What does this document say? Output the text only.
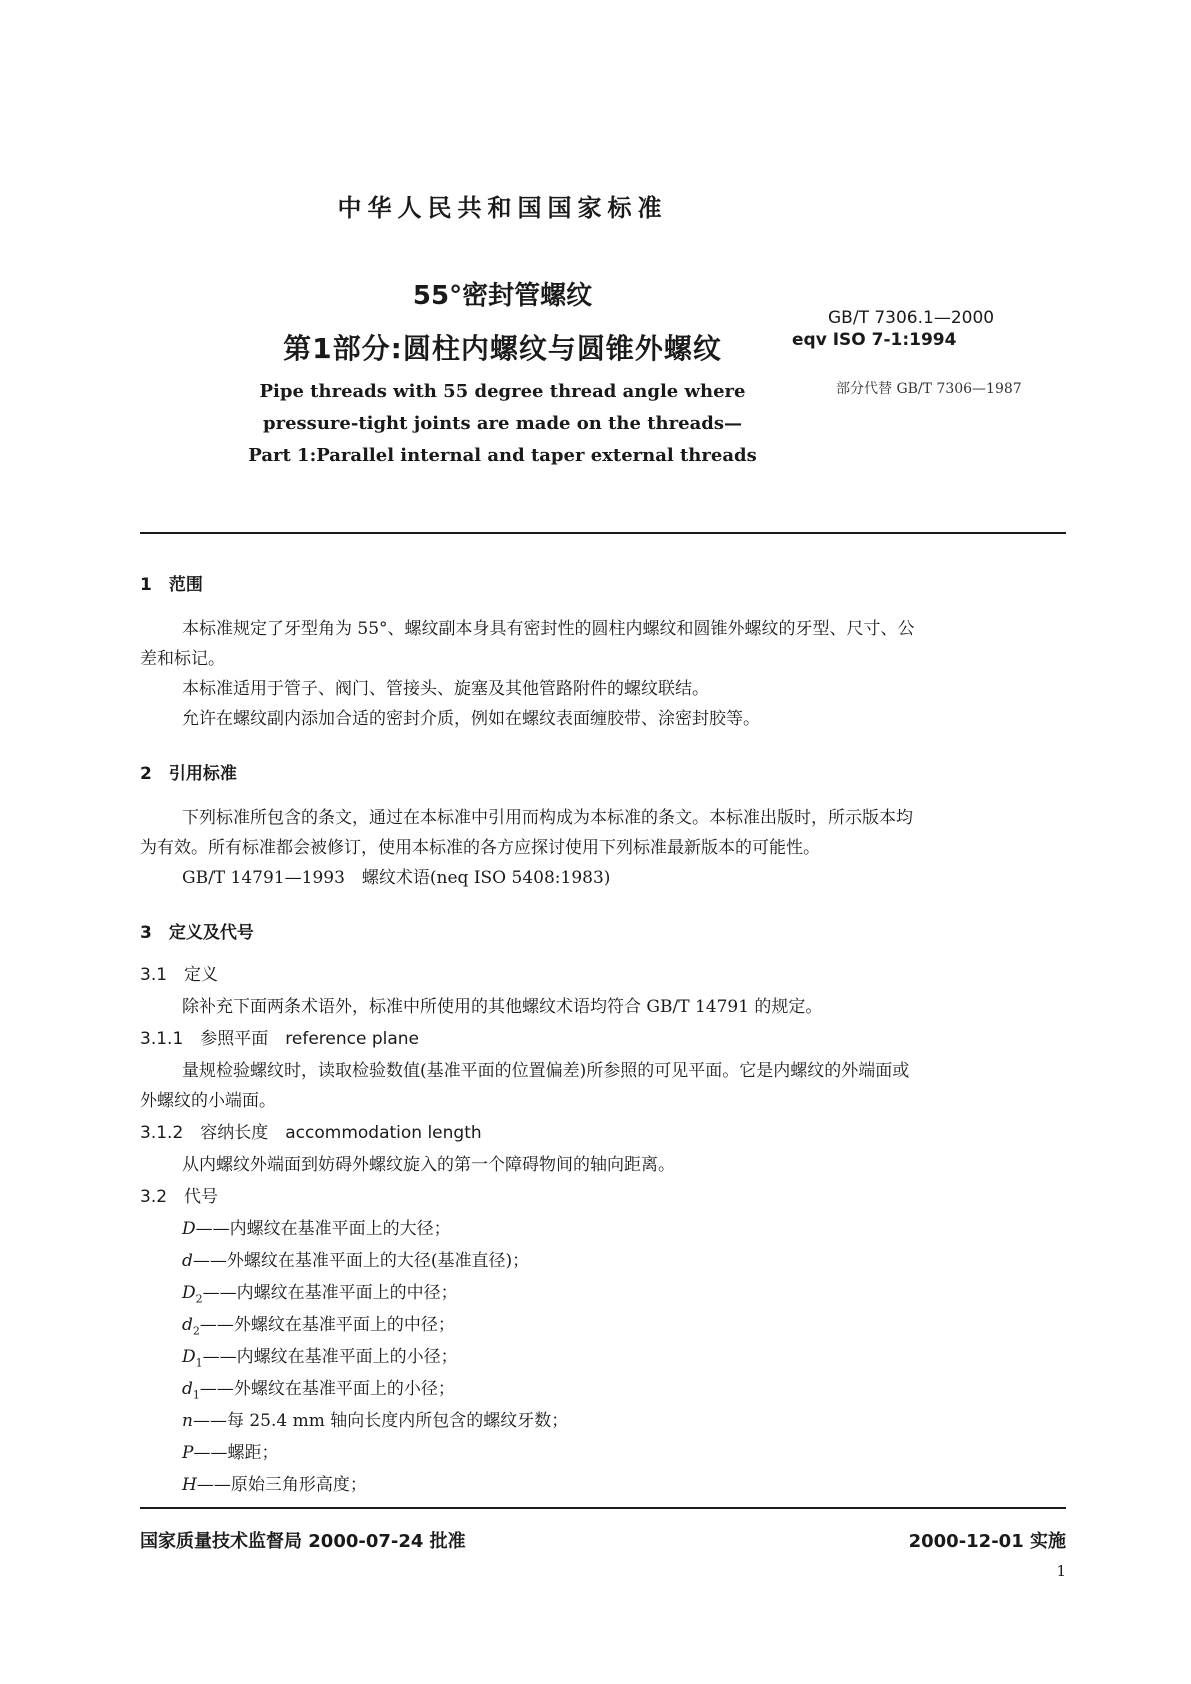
中华人民共和国国家标准
55°密封管螺纹
第1部分:圆柱内螺纹与圆锥外螺纹
GB/T 7306.1—2000
eqv ISO 7-1:1994
部分代替 GB/T 7306—1987
Pipe threads with 55 degree thread angle where
pressure-tight joints are made on the threads—
Part 1:Parallel internal and taper external threads
1　范围
本标准规定了牙型角为 55°、螺纹副本身具有密封性的圆柱内螺纹和圆锥外螺纹的牙型、尺寸、公
差和标记。
本标准适用于管子、阀门、管接头、旋塞及其他管路附件的螺纹联结。
允许在螺纹副内添加合适的密封介质，例如在螺纹表面缠胶带、涂密封胶等。
2　引用标准
下列标准所包含的条文，通过在本标准中引用而构成为本标准的条文。本标准出版时，所示版本均
为有效。所有标准都会被修订，使用本标准的各方应探讨使用下列标准最新版本的可能性。
GB/T 14791—1993　螺纹术语(neq ISO 5408:1983)
3　定义及代号
3.1　定义
除补充下面两条术语外，标准中所使用的其他螺纹术语均符合 GB/T 14791 的规定。
3.1.1　参照平面　reference plane
量规检验螺纹时，读取检验数值(基准平面的位置偏差)所参照的可见平面。它是内螺纹的外端面或
外螺纹的小端面。
3.1.2　容纳长度　accommodation length
从内螺纹外端面到妨碍外螺纹旋入的第一个障碍物间的轴向距离。
3.2　代号
D——内螺纹在基准平面上的大径；
d——外螺纹在基准平面上的大径(基准直径)；
$D_2——$内螺纹在基准平面上的中径；
$d_2——$外螺纹在基准平面上的中径；
$D_1——$内螺纹在基准平面上的小径；
$d_1——$外螺纹在基准平面上的小径；
n——每 25.4 mm 轴向长度内所包含的螺纹牙数；
P——螺距；
H——原始三角形高度；
国家质量技术监督局 2000-07-24 批准	2000-12-01 实施
1
